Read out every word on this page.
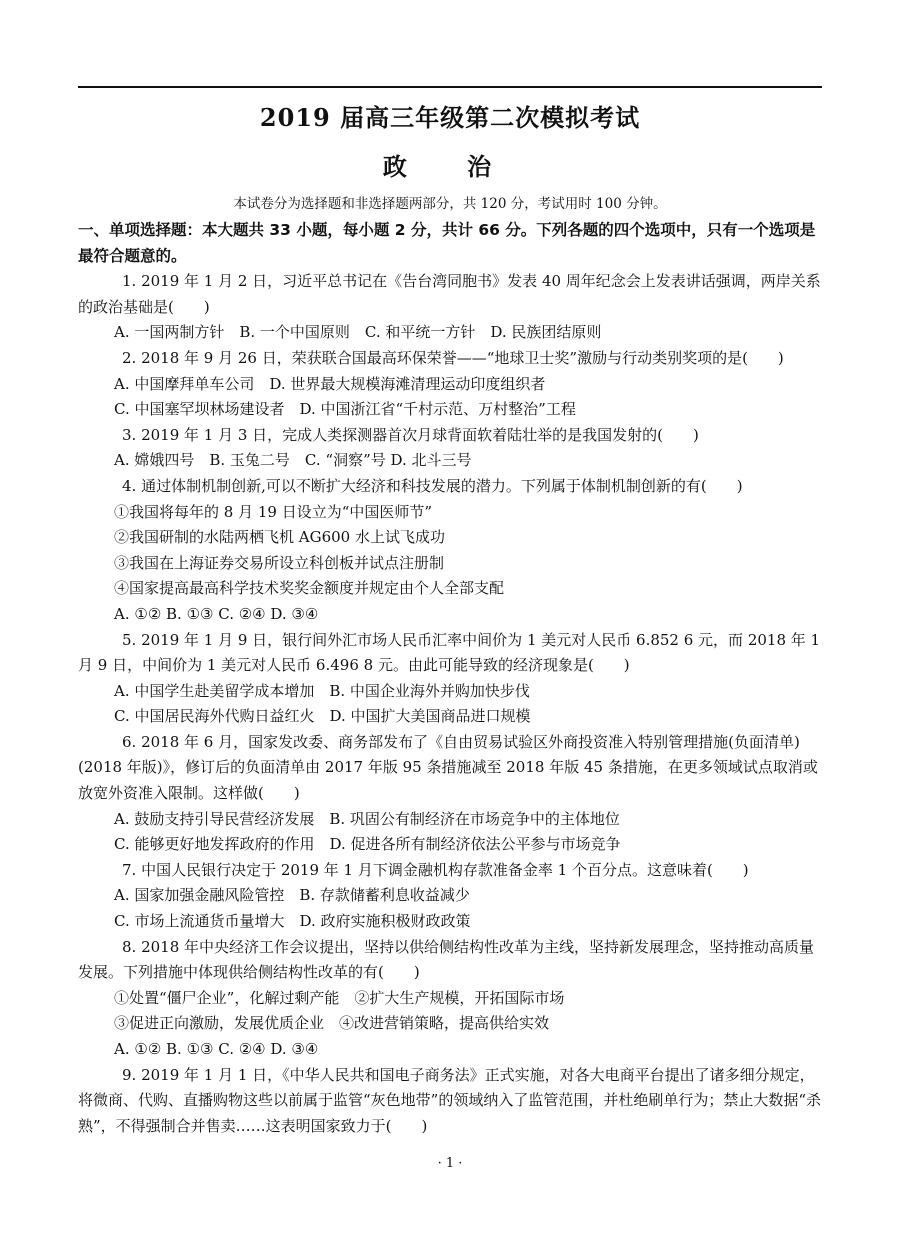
2019 届高三年级第二次模拟考试
政 治
本试卷分为选择题和非选择题两部分，共 120 分，考试用时 100 分钟。

一、单项选择题：本大题共 33 小题，每小题 2 分，共计 66 分。下列各题的四个选项中，只有一个选项是最符合题意的。

1. 2019 年 1 月 2 日，习近平总书记在《告台湾同胞书》发表 40 周年纪念会上发表讲话强调，两岸关系的政治基础是(　　)

A. 一国两制方针　B. 一个中国原则　C. 和平统一方针　D. 民族团结原则

2. 2018 年 9 月 26 日，荣获联合国最高环保荣誉——“地球卫士奖”激励与行动类别奖项的是(　　)

A. 中国摩拜单车公司　D. 世界最大规模海滩清理运动印度组织者

C. 中国塞罕坝林场建设者　D. 中国浙江省“千村示范、万村整治”工程

3. 2019 年 1 月 3 日，完成人类探测器首次月球背面软着陆壮举的是我国发射的(　　)

A. 嫦娥四号　B. 玉兔二号　C. “洞察”号 D. 北斗三号

4. 通过体制机制创新,可以不断扩大经济和科技发展的潜力。下列属于体制机制创新的有(　　)

①我国将每年的 8 月 19 日设立为“中国医师节”

②我国研制的水陆两栖飞机 AG600 水上试飞成功

③我国在上海证券交易所设立科创板并试点注册制

④国家提高最高科学技术奖奖金额度并规定由个人全部支配

A. ①② B. ①③ C. ②④ D. ③④

5. 2019 年 1 月 9 日，银行间外汇市场人民币汇率中间价为 1 美元对人民币 6.852 6 元，而 2018 年 1 月 9 日，中间价为 1 美元对人民币 6.496 8 元。由此可能导致的经济现象是(　　)

A. 中国学生赴美留学成本增加　B. 中国企业海外并购加快步伐

C. 中国居民海外代购日益红火　D. 中国扩大美国商品进口规模

6. 2018 年 6 月，国家发改委、商务部发布了《自由贸易试验区外商投资准入特别管理措施(负面清单)(2018 年版)》，修订后的负面清单由 2017 年版 95 条措施减至 2018 年版 45 条措施，在更多领域试点取消或放宽外资准入限制。这样做(　　)

A. 鼓励支持引导民营经济发展　B. 巩固公有制经济在市场竞争中的主体地位

C. 能够更好地发挥政府的作用　D. 促进各所有制经济依法公平参与市场竞争

7. 中国人民银行决定于 2019 年 1 月下调金融机构存款准备金率 1 个百分点。这意味着(　　)

A. 国家加强金融风险管控　B. 存款储蓄利息收益减少

C. 市场上流通货币量增大　D. 政府实施积极财政政策

8. 2018 年中央经济工作会议提出，坚持以供给侧结构性改革为主线，坚持新发展理念，坚持推动高质量发展。下列措施中体现供给侧结构性改革的有(　　)

①处置“僵尸企业”，化解过剩产能　②扩大生产规模，开拓国际市场

③促进正向激励，发展优质企业　④改进营销策略，提高供给实效

A. ①② B. ①③ C. ②④ D. ③④

9. 2019 年 1 月 1 日，《中华人民共和国电子商务法》正式实施，对各大电商平台提出了诸多细分规定，将微商、代购、直播购物这些以前属于监管“灰色地带”的领域纳入了监管范围，并杜绝刷单行为；禁止大数据“杀熟”，不得强制合并售卖……这表明国家致力于(　　)

· 1 ·
